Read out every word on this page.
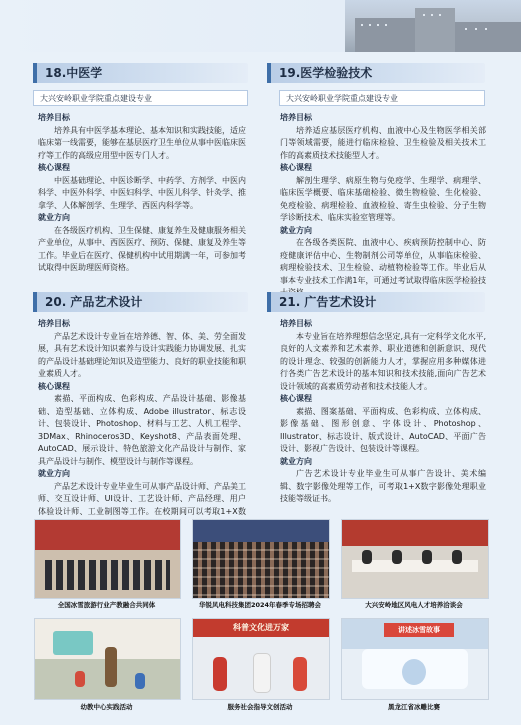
18.中医学
大兴安岭职业学院重点建设专业

培养目标

培养具有中医学基本理论、基本知识和实践技能，适应临床第一线需要，能够在基层医疗卫生单位从事中医临床医疗等工作的高级应用型中医专门人才。

核心课程

中医基础理论、中医诊断学、中药学、方剂学、中医内科学、中医外科学、中医妇科学、中医儿科学、针灸学、推拿学、人体解剖学、生理学、西医内科学等。

就业方向

在各级医疗机构、卫生保健、康复养生及健康服务相关产业单位，从事中、西医医疗、预防、保健、康复及养生等工作。毕业后在医疗、保健机构中试用期满一年，可参加考试取得中医助理医师资格。

19.医学检验技术
大兴安岭职业学院重点建设专业

培养目标

培养适应基层医疗机构、血液中心及生物医学相关部门等领域需要，能进行临床检验、卫生检验及相关技术工作的高素质技术技能型人才。

核心课程

解剖生理学、病原生物与免疫学、生理学、病理学、临床医学概要、临床基础检验、微生物检验、生化检验、免疫检验、病理检验、血液检验、寄生虫检验、分子生物学诊断技术、临床实验室管理等。

就业方向

在各级各类医院、血液中心、疾病预防控制中心、防疫健康评估中心、生物制剂公司等单位，从事临床检验、病理检验技术、卫生检验、动植物检验等工作。毕业后从事本专业技术工作满1年，可通过考试取得临床医学检验技

20. 产品艺术设计

培养目标

产品艺术设计专业旨在培养德、智、体、美、劳全面发展，具有艺术设计知识素养与设计实践能力协调发展、扎实的产品设计基础理论知识及造型能力、良好的职业技能和职业素质人才。

核心课程

素描、平面构成、色彩构成、产品设计基础、影像基础、造型基础、立体构成、Adobe illustrator、标志设计、包装设计、Photoshop、材料与工艺、人机工程学、3DMax、Rhinoceros3D、Keyshot8、产品表面处理、AutoCAD、展示设计、特色旅游文化产品设计与制作、家具产品设计与制作、模型设计与制作等课程。

就业方向

产品艺术设计专业毕业生可从事产品设计师、产品美工师、交互设计师、UI设计、工艺设计师、产品经理、用户体验设计师、工业制图等工作。在校期间可以考取1+X数

21. 广告艺术设计

培养目标

本专业旨在培养理想信念坚定,具有一定科学文化水平,良好的人文素养和艺术素养、职业道德和创新意识、现代的设计理念、较强的创新能力人才，掌握应用多种媒体进行各类广告艺术设计的基本知识和技术技能,面向广告艺术设计领域的高素质劳动者和技术技能人才。

核心课程

素描、图案基础、平面构成、色彩构成、立体构成、影像基础、图形创意、字体设计、Photoshop、Illustrator、标志设计、版式设计、AutoCAD、平面广告设计、影视广告设计、包装设计等课程。

就业方向

广告艺术设计专业毕业生可从事广告设计、美术编辑、数字影像处理等工作，可考取1+X数字影像处理职业技能等级证书。

全国冰雪旅游行业产教融合共同体	华锐风电科技集团2024年春季专场招聘会	大兴安岭地区风电人才培养洽谈会
幼教中心实践活动
科普文化进万家
服务社会指导文创活动
讲述冰雪故事
黑龙江省冰雕比赛
